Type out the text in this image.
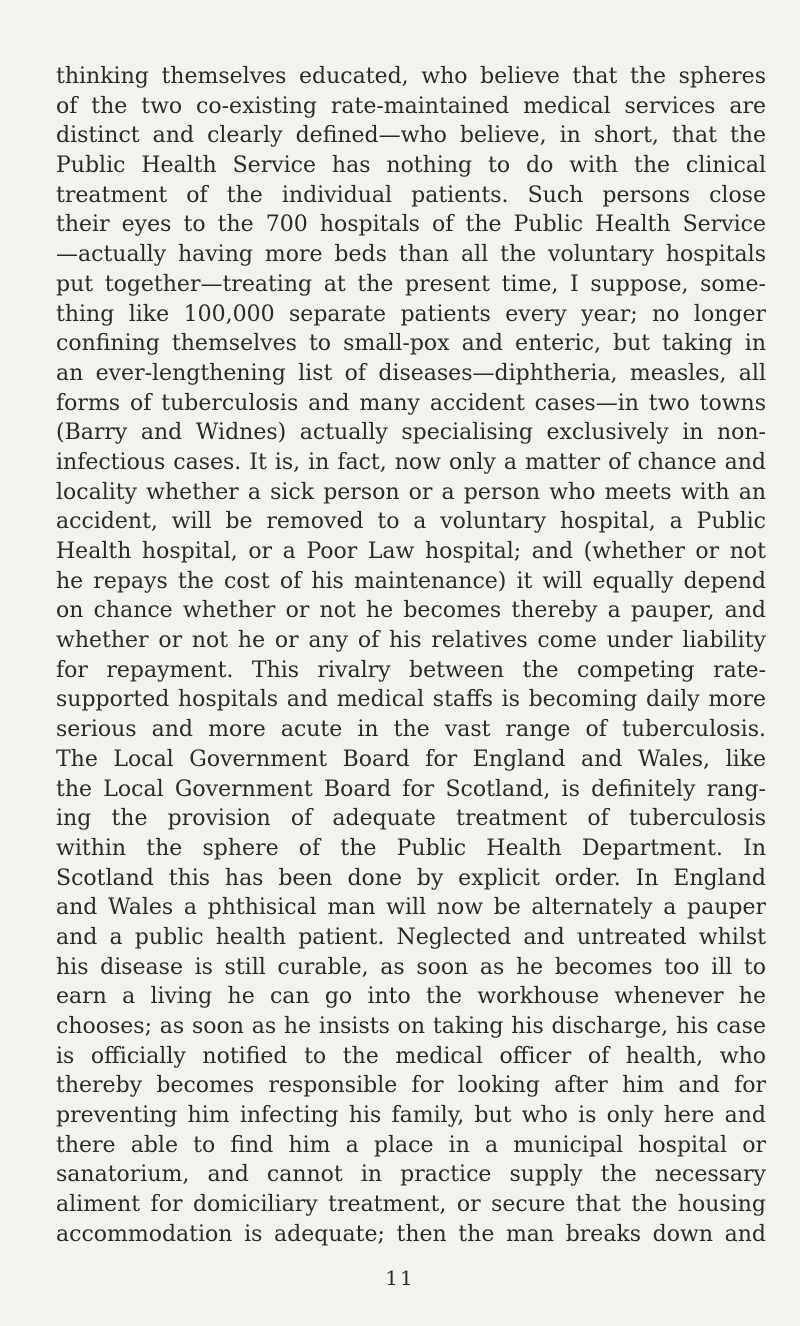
thinking themselves educated, who believe that the spheres
of the two co-existing rate-maintained medical services are
distinct and clearly defined—who believe, in short, that the
Public Health Service has nothing to do with the clinical
treatment of the individual patients. Such persons close
their eyes to the 700 hospitals of the Public Health Service
—actually having more beds than all the voluntary hospitals
put together—treating at the present time, I suppose, some-
thing like 100,000 separate patients every year; no longer
confining themselves to small-pox and enteric, but taking in
an ever-lengthening list of diseases—diphtheria, measles, all
forms of tuberculosis and many accident cases—in two towns
(Barry and Widnes) actually specialising exclusively in non-
infectious cases. It is, in fact, now only a matter of chance and
locality whether a sick person or a person who meets with an
accident, will be removed to a voluntary hospital, a Public
Health hospital, or a Poor Law hospital; and (whether or not
he repays the cost of his maintenance) it will equally depend
on chance whether or not he becomes thereby a pauper, and
whether or not he or any of his relatives come under liability
for repayment. This rivalry between the competing rate-
supported hospitals and medical staffs is becoming daily more
serious and more acute in the vast range of tuberculosis.
The Local Government Board for England and Wales, like
the Local Government Board for Scotland, is definitely rang-
ing the provision of adequate treatment of tuberculosis
within the sphere of the Public Health Department. In
Scotland this has been done by explicit order. In England
and Wales a phthisical man will now be alternately a pauper
and a public health patient. Neglected and untreated whilst
his disease is still curable, as soon as he becomes too ill to
earn a living he can go into the workhouse whenever he
chooses; as soon as he insists on taking his discharge, his case
is officially notified to the medical officer of health, who
thereby becomes responsible for looking after him and for
preventing him infecting his family, but who is only here and
there able to find him a place in a municipal hospital or
sanatorium, and cannot in practice supply the necessary
aliment for domiciliary treatment, or secure that the housing
accommodation is adequate; then the man breaks down and
11
